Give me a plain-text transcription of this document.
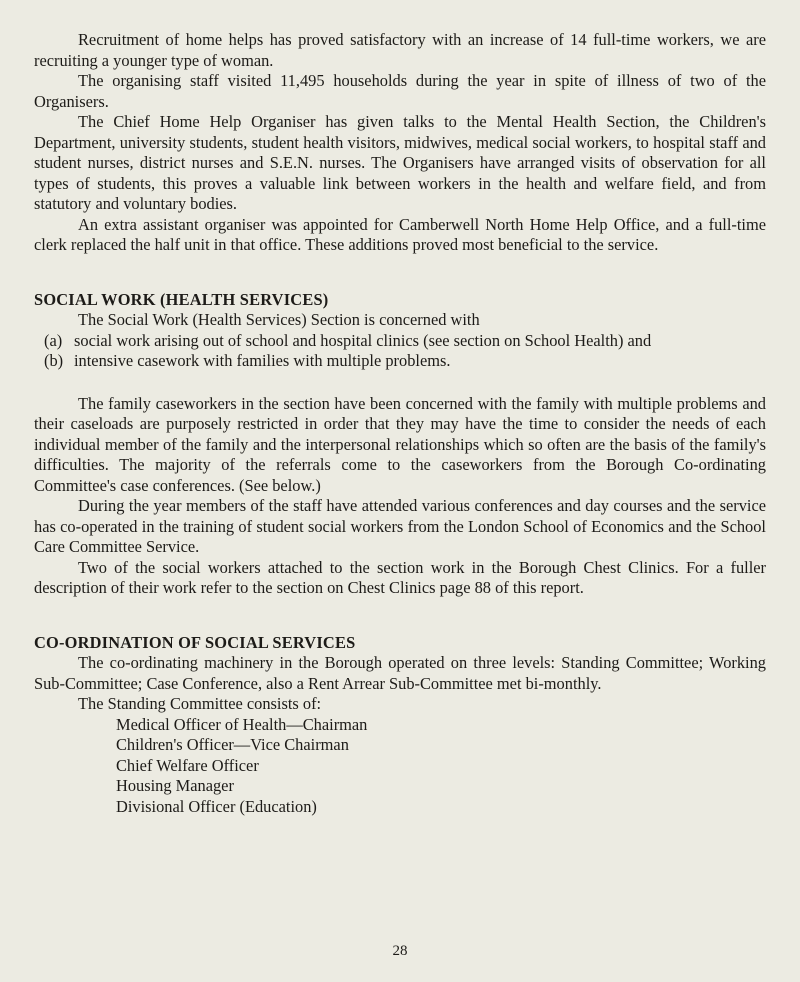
Recruitment of home helps has proved satisfactory with an increase of 14 full-time workers, we are recruiting a younger type of woman.

The organising staff visited 11,495 households during the year in spite of illness of two of the Organisers.

The Chief Home Help Organiser has given talks to the Mental Health Section, the Children's Department, university students, student health visitors, midwives, medical social workers, to hospital staff and student nurses, district nurses and S.E.N. nurses. The Organisers have arranged visits of observation for all types of students, this proves a valuable link between workers in the health and welfare field, and from statutory and voluntary bodies.

An extra assistant organiser was appointed for Camberwell North Home Help Office, and a full-time clerk replaced the half unit in that office. These additions proved most beneficial to the service.

SOCIAL WORK (HEALTH SERVICES)

The Social Work (Health Services) Section is concerned with

(a) social work arising out of school and hospital clinics (see section on School Health) and
(b) intensive casework with families with multiple problems.

The family caseworkers in the section have been concerned with the family with multiple problems and their caseloads are purposely restricted in order that they may have the time to consider the needs of each individual member of the family and the interpersonal relationships which so often are the basis of the family's difficulties. The majority of the referrals come to the caseworkers from the Borough Co-ordinating Committee's case conferences. (See below.)

During the year members of the staff have attended various conferences and day courses and the service has co-operated in the training of student social workers from the London School of Economics and the School Care Committee Service.

Two of the social workers attached to the section work in the Borough Chest Clinics. For a fuller description of their work refer to the section on Chest Clinics page 88 of this report.

CO-ORDINATION OF SOCIAL SERVICES

The co-ordinating machinery in the Borough operated on three levels: Standing Committee; Working Sub-Committee; Case Conference, also a Rent Arrear Sub-Committee met bi-monthly.

The Standing Committee consists of:

Medical Officer of Health—Chairman
Children's Officer—Vice Chairman
Chief Welfare Officer
Housing Manager
Divisional Officer (Education)
28
